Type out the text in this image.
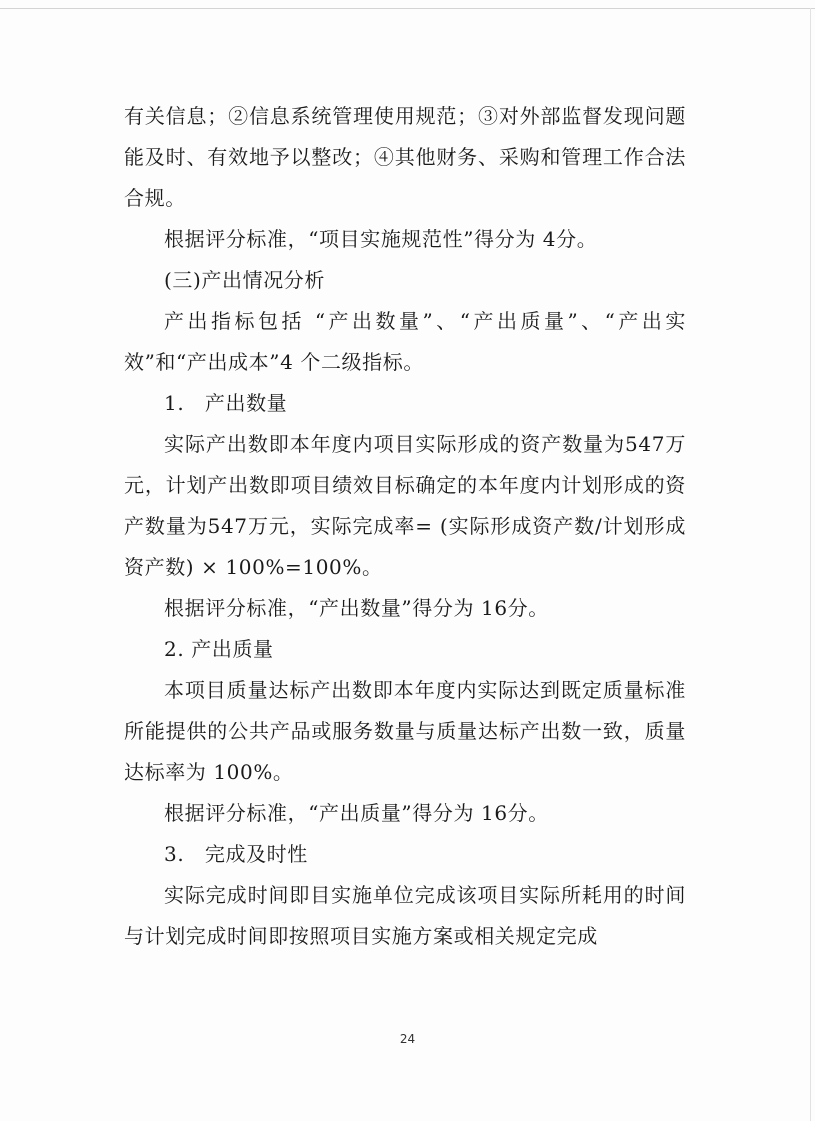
有关信息；②信息系统管理使用规范；③对外部监督发现问题能及时、有效地予以整改；④其他财务、采购和管理工作合法合规。

根据评分标准，“项目实施规范性”得分为 4分。

(三)产出情况分析

产出指标包括 “产出数量”、“产出质量”、“产出实效”和“产出成本”4 个二级指标。

1.　产出数量

实际产出数即本年度内项目实际形成的资产数量为547万元，计划产出数即项目绩效目标确定的本年度内计划形成的资产数量为547万元，实际完成率= (实际形成资产数/计划形成资产数) × 100%=100%。

根据评分标准，“产出数量”得分为 16分。

2. 产出质量

本项目质量达标产出数即本年度内实际达到既定质量标准所能提供的公共产品或服务数量与质量达标产出数一致，质量达标率为 100%。

根据评分标准，“产出质量”得分为 16分。

3.　完成及时性

实际完成时间即目实施单位完成该项目实际所耗用的时间与计划完成时间即按照项目实施方案或相关规定完成

24
